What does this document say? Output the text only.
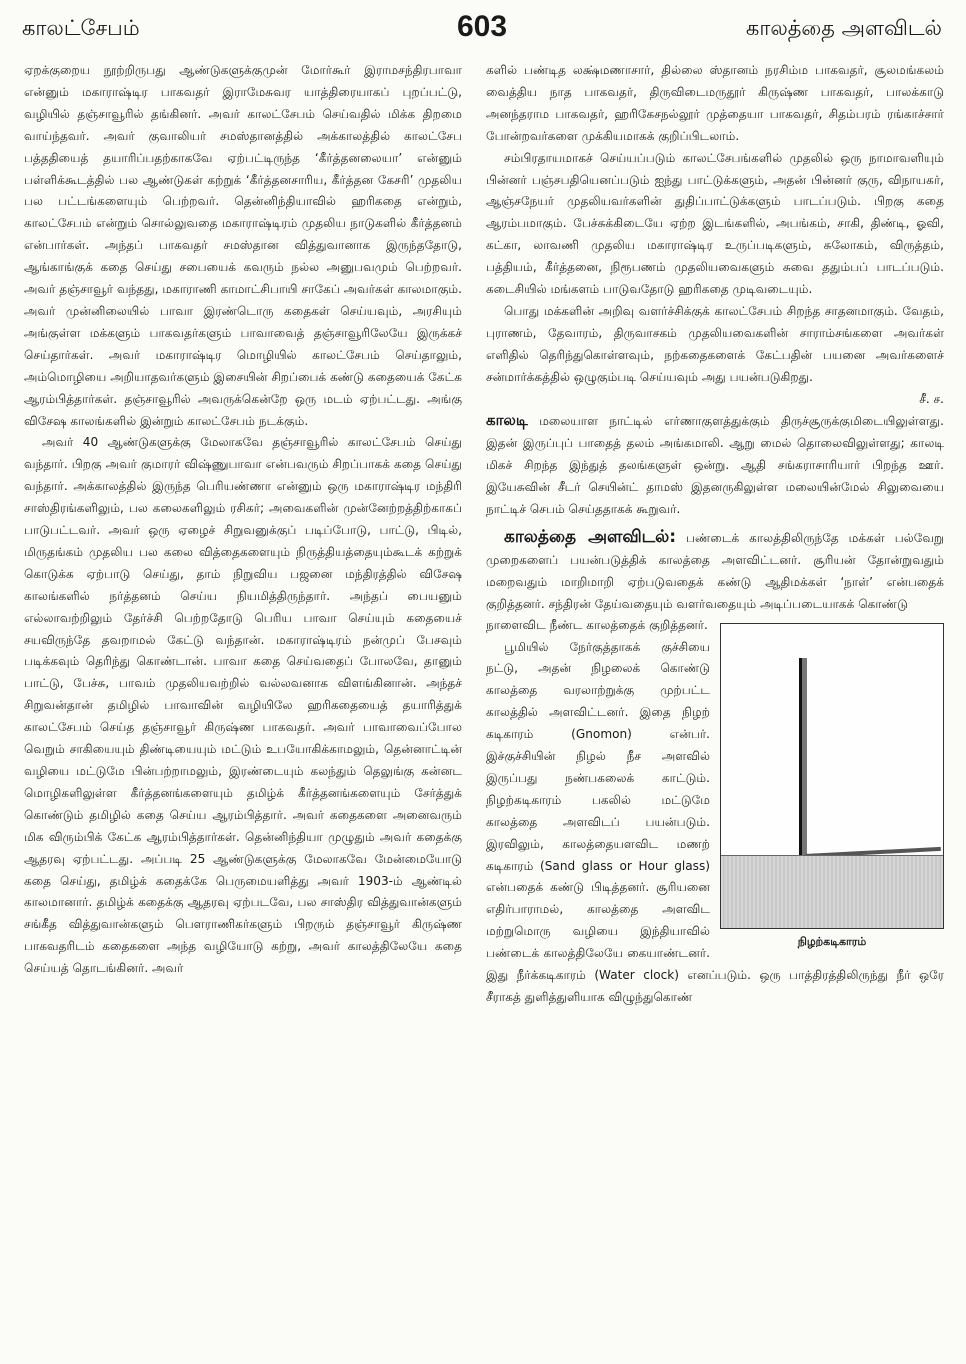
காலட்சேபம்	603	காலத்தை அளவிடல்

ஏறக்குறைய நூற்றிருபது ஆண்டுகளுக்குமுன் மோர்கூர் இராமசந்திரபாவா என்னும் மகாராஷ்டிர பாகவதர் இராமேசுவர யாத்திரையாகப் புறப்பட்டு, வழியில் தஞ்சாவூரில் தங்கினர். அவர் காலட்சேபம் செய்வதில் மிக்க திறமை வாய்ந்தவர். அவர் குவாலியர் சமஸ்தானத்தில் அக்காலத்தில் காலட்சேப பத்ததியைத் தயாரிப்பதற்காகவே ஏற்பட்டிருந்த ‘கீர்த்தனலையா’ என்னும் பள்ளிக்கூடத்தில் பல ஆண்டுகள் கற்றுக் ‘கீர்த்தனசாரிய, கீர்த்தன கேசரி’ முதலிய பல பட்டங்களையும் பெற்றவர். தென்னிந்தியாவில் ஹரிகதை என்றும், காலட்சேபம் என்றும் சொல்லுவதை மகாராஷ்டிரம் முதலிய நாடுகளில் கீர்த்தனம் என்பார்கள். அந்தப் பாகவதர் சமஸ்தான வித்துவானாக இருந்ததோடு, ஆங்காங்குக் கதை செய்து சபையைக் கவரும் நல்ல அனுபவமும் பெற்றவர். அவர் தஞ்சாவூர் வந்தது, மகாராணி காமாட்சிபாயி சாகேப் அவர்கள் காலமாகும். அவர் முன்னிலையில் பாவா இரண்டொரு கதைகள் செய்யவும், அரசியும் அங்குள்ள மக்களும் பாகவதர்களும் பாவாவைத் தஞ்சாவூரிலேயே இருக்கச் செய்தார்கள். அவர் மகாராஷ்டிர மொழியில் காலட்சேபம் செய்தாலும், அம்மொழியை அறியாதவர்களும் இசையின் சிறப்பைக் கண்டு கதையைக் கேட்க ஆரம்பித்தார்கள். தஞ்சாவூரில் அவருக்கென்றே ஒரு மடம் ஏற்பட்டது. அங்கு விசேஷ காலங்களில் இன்றும் காலட்சேபம் நடக்கும்.

அவர் 40 ஆண்டுகளுக்கு மேலாகவே தஞ்சாவூரில் காலட்சேபம் செய்து வந்தார். பிறகு அவர் குமாரர் விஷ்ணுபாவா என்பவரும் சிறப்பாகக் கதை செய்து வந்தார். அக்காலத்தில் இருந்த பெரியண்ணா என்னும் ஒரு மகாராஷ்டிர மந்திரி சாஸ்திரங்களிலும், பல கலைகளிலும் ரசிகர்; அவைகளின் முன்னேற்றத்திற்காகப் பாடுபட்டவர். அவர் ஒரு ஏழைச் சிறுவனுக்குப் படிப்போடு, பாட்டு, பிடில், மிருதங்கம் முதலிய பல கலை வித்தைகளையும் நிருத்தியத்தையும்கூடக் கற்றுக் கொடுக்க ஏற்பாடு செய்து, தாம் நிறுவிய பஜனை மந்திரத்தில் விசேஷ காலங்களில் நர்த்தனம் செய்ய நியமித்திருந்தார். அந்தப் பையனும் எல்லாவற்றிலும் தேர்ச்சி பெற்றதோடு பெரிய பாவா செய்யும் கதையைச் சயவிருந்தே தவறாமல் கேட்டு வந்தான். மகாராஷ்டிரம் நன்முப் பேசவும் படிக்கவும் தெரிந்து கொண்டான். பாவா கதை செய்வதைப் போலவே, தானும் பாட்டு, பேச்சு, பாவம் முதலியவற்றில் வல்லவனாக விளங்கினான். அந்தச் சிறுவன்தான் தமிழில் பாவாவின் வழியிலே ஹரிகதையைத் தயாரித்துக் காலட்சேபம் செய்த தஞ்சாவூர் கிருஷ்ண பாகவதர். அவர் பாவாவைப்போல வெறும் சாகியையும் திண்டியையும் மட்டும் உபயோகிக்காமலும், தென்னாட்டின் வழியை மட்டுமே பின்பற்றாமலும், இரண்டையும் கலந்தும் தெலுங்கு கன்னட மொழிகளிலுள்ள கீர்த்தனங்களையும் தமிழ்க் கீர்த்தனங்களையும் சேர்த்துக் கொண்டும் தமிழில் கதை செய்ய ஆரம்பித்தார். அவர் கதைகளை அனைவரும் மிக விரும்பிக் கேட்க ஆரம்பித்தார்கள். தென்னிந்தியா முழுதும் அவர் கதைக்கு ஆதரவு ஏற்பட்டது. அப்படி 25 ஆண்டுகளுக்கு மேலாகவே மேன்மையோடு கதை செய்து, தமிழ்க் கதைக்கே பெருமையளித்து அவர் 1903-ம் ஆண்டில் காலமானார். தமிழ்க் கதைக்கு ஆதரவு ஏற்படவே, பல சாஸ்திர வித்துவான்களும் சங்கீத வித்துவான்களும் பௌராணிகர்களும் பிறரும் தஞ்சாவூர் கிருஷ்ண பாகவதரிடம் கதைகளை அந்த வழியோடு கற்று, அவர் காலத்திலேயே கதை செய்யத் தொடங்கினர். அவர்

களில் பண்டித லக்ஷ்மணாசார், தில்லை ஸ்தானம் நரசிம்ம பாகவதர், சூலமங்கலம் வைத்திய நாத பாகவதர், திருவிடைமருதூர் கிருஷ்ண பாகவதர், பாலக்காடு அனந்தராம பாகவதர், ஹரிகேசநல்லூர் முத்தையா பாகவதர், சிதம்பரம் ரங்காச்சார் போன்றவர்களை முக்கியமாகக் குறிப்பிடலாம்.

சம்பிரதாயமாகச் செய்யப்படும் காலட்சேபங்களில் முதலில் ஒரு நாமாவளியும் பின்னர் பஞ்சபதியெனப்படும் ஐந்து பாட்டுக்களும், அதன் பின்னர் குரு, விநாயகர், ஆஞ்சநேயர் முதலியவர்களின் துதிப்பாட்டுக்களும் பாடப்படும். பிறகு கதை ஆரம்பமாகும். பேச்சுக்கிடையே ஏற்ற இடங்களில், அபங்கம், சாகி, திண்டி, ஓவி, கட்கா, லாவணி முதலிய மகாராஷ்டிர உருப்படிகளும், சுலோகம், விருத்தம், பத்தியம், கீர்த்தனை, நிரூபணம் முதலியவைகளும் சுவை ததும்பப் பாடப்படும். கடைசியில் மங்களம் பாடுவதோடு ஹரிகதை முடிவடையும்.

பொது மக்களின் அறிவு வளர்ச்சிக்குக் காலட்சேபம் சிறந்த சாதனமாகும். வேதம், புராணம், தேவாரம், திருவாசகம் முதலியவைகளின் சாராம்சங்களை அவர்கள் எளிதில் தெரிந்துகொள்ளவும், நற்கதைகளைக் கேட்பதின் பயனை அவர்களைச் சன்மார்க்கத்தில் ஒழுகும்படி செய்யவும் அது பயன்படுகிறது.

சீ. ச.

காலடி மலையாள நாட்டில் எர்ணாகுளத்துக்கும் திருச்சூருக்குமிடையிலுள்ளது. இதன் இருப்புப் பாதைத் தலம் அங்கமாலி. ஆறு மைல் தொலைவிலுள்ளது; காலடி மிகச் சிறந்த இந்துத் தலங்களுள் ஒன்று. ஆதி சங்கராசாரியார் பிறந்த ஊர். இயேசுவின் சீடர் செயின்ட் தாமஸ் இதனருகிலுள்ள மலையின்மேல் சிலுவையை நாட்டிச் செபம் செய்ததாகக் கூறுவர்.

காலத்தை அளவிடல்: பண்டைக் காலத்திலிருந்தே மக்கள் பல்வேறு முறைகளைப் பயன்படுத்திக் காலத்தை அளவிட்டனர். சூரியன் தோன்றுவதும் மறைவதும் மாறிமாறி ஏற்படுவதைக் கண்டு ஆதிமக்கள் ‘நாள்’ என்பதைக் குறித்தனர். சந்திரன் தேய்வதையும் வளர்வதையும் அடிப்படையாகக் கொண்டு

நிழற்கடிகாரம்

நாளைவிட நீண்ட காலத்தைக் குறித்தனர்.

பூமியில் நேர்குத்தாகக் குச்சியை நட்டு, அதன் நிழலைக் கொண்டு காலத்தை வரலாற்றுக்கு முற்பட்ட காலத்தில் அளவிட்டனர். இதை நிழற் கடிகாரம் (Gnomon) என்பர். இச்குச்சியின் நிழல் நீச அளவில் இருப்பது நண்பகலைக் காட்டும். நிழற்கடிகாரம் பகலில் மட்டுமே காலத்தை அளவிடப் பயன்படும். இரவிலும், காலத்தையளவிட மணற் கடிகாரம் (Sand glass or Hour glass) என்பதைக் கண்டு பிடித்தனர். சூரியனை எதிர்பாராமல், காலத்தை அளவிட மற்றுமொரு வழியை இந்தியாவில் பண்டைக் காலத்திலேயே கையாண்டனர். இது நீர்க்கடிகாரம் (Water clock) எனப்படும். ஒரு பாத்திரத்திலிருந்து நீர் ஒரே சீராகத் துளித்துளியாக விழுந்துகொண்
